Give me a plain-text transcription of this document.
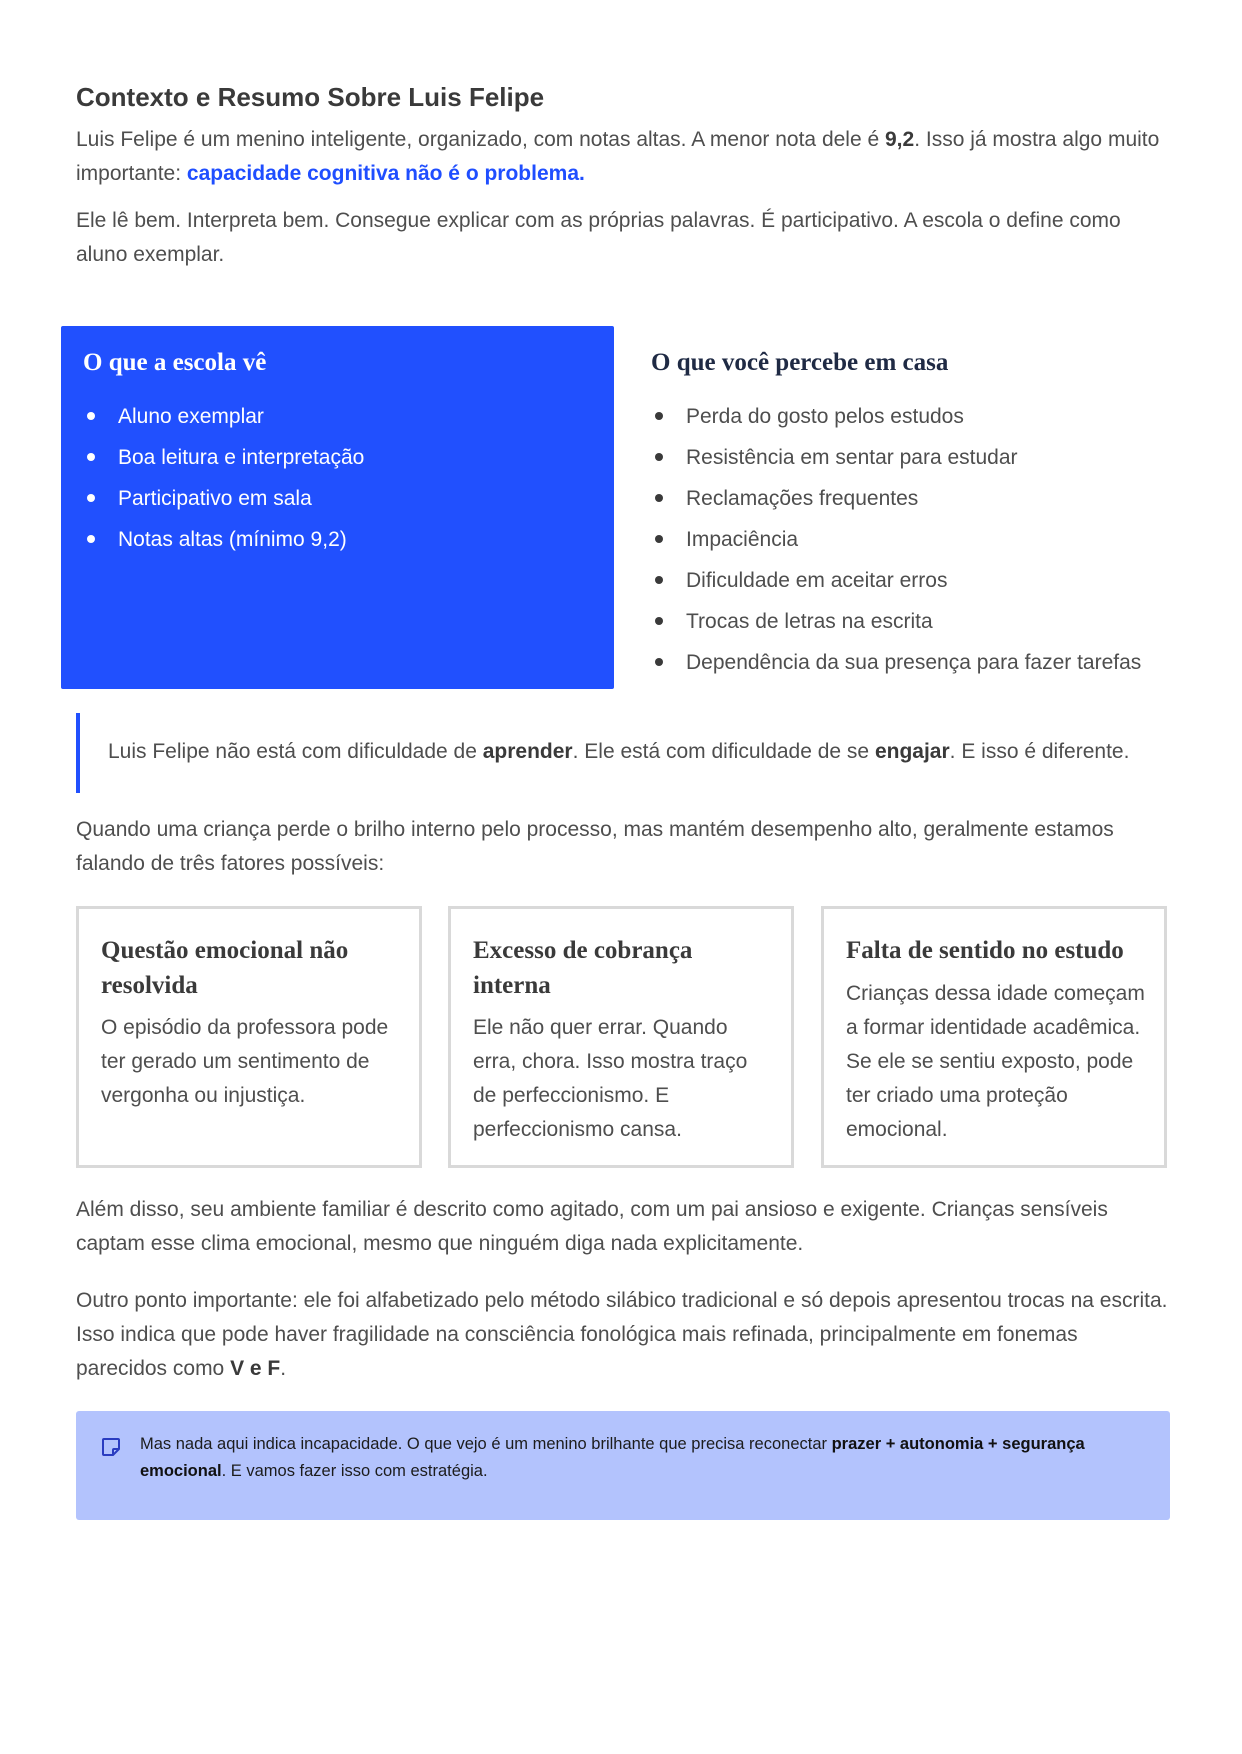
Contexto e Resumo Sobre Luis Felipe

Luis Felipe é um menino inteligente, organizado, com notas altas. A menor nota dele é 9,2. Isso já mostra algo muito importante: capacidade cognitiva não é o problema.

Ele lê bem. Interpreta bem. Consegue explicar com as próprias palavras. É participativo. A escola o define como aluno exemplar.

O que a escola vê
Aluno exemplar
Boa leitura e interpretação
Participativo em sala
Notas altas (mínimo 9,2)
O que você percebe em casa
Perda do gosto pelos estudos
Resistência em sentar para estudar
Reclamações frequentes
Impaciência
Dificuldade em aceitar erros
Trocas de letras na escrita
Dependência da sua presença para fazer tarefas

Luis Felipe não está com dificuldade de aprender. Ele está com dificuldade de se engajar. E isso é diferente.

Quando uma criança perde o brilho interno pelo processo, mas mantém desempenho alto, geralmente estamos falando de três fatores possíveis:

Questão emocional não resolvida

O episódio da professora pode ter gerado um sentimento de vergonha ou injustiça.

Excesso de cobrança interna

Ele não quer errar. Quando erra, chora. Isso mostra traço de perfeccionismo. E perfeccionismo cansa.

Falta de sentido no estudo

Crianças dessa idade começam a formar identidade acadêmica. Se ele se sentiu exposto, pode ter criado uma proteção emocional.

Além disso, seu ambiente familiar é descrito como agitado, com um pai ansioso e exigente. Crianças sensíveis captam esse clima emocional, mesmo que ninguém diga nada explicitamente.

Outro ponto importante: ele foi alfabetizado pelo método silábico tradicional e só depois apresentou trocas na escrita. Isso indica que pode haver fragilidade na consciência fonológica mais refinada, principalmente em fonemas parecidos como V e F.

Mas nada aqui indica incapacidade. O que vejo é um menino brilhante que precisa reconectar prazer + autonomia + segurança emocional. E vamos fazer isso com estratégia.
